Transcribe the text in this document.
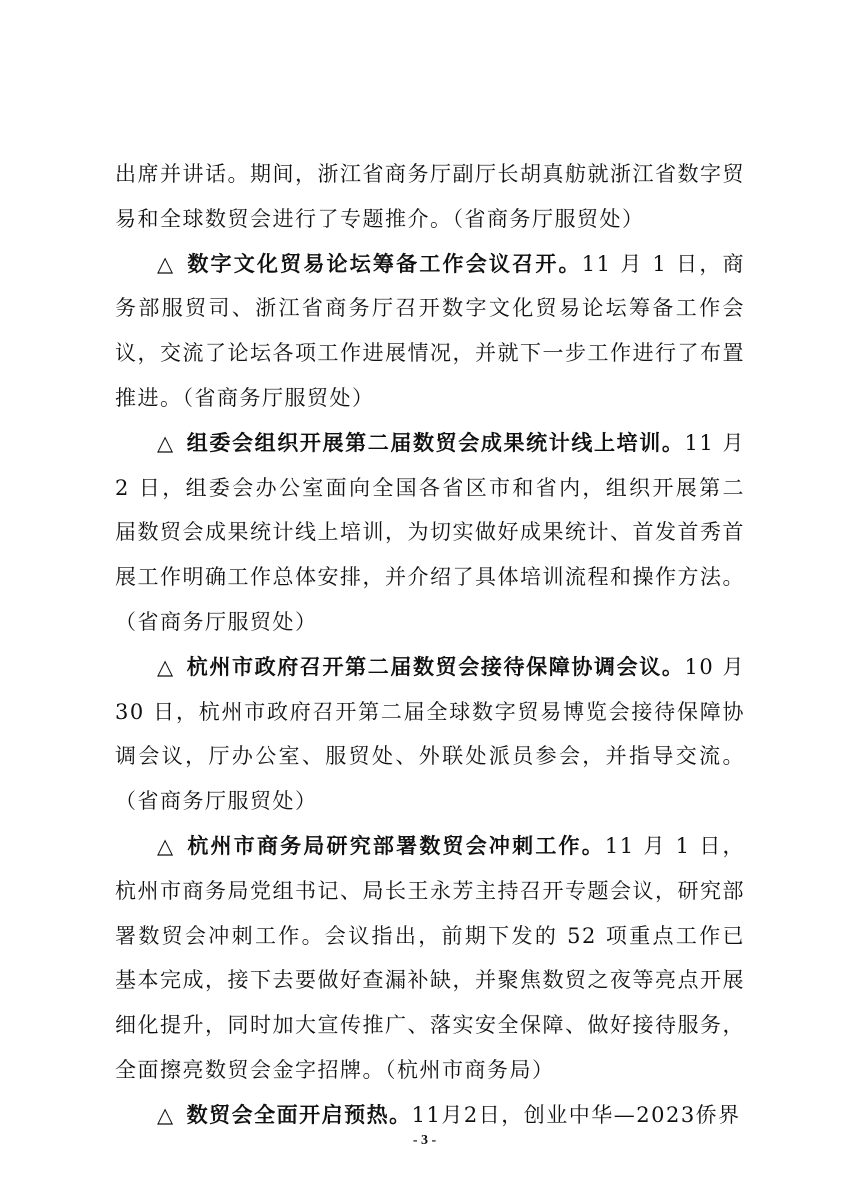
出席并讲话。期间，浙江省商务厅副厅长胡真舫就浙江省数字贸易和全球数贸会进行了专题推介。（省商务厅服贸处）

△ 数字文化贸易论坛筹备工作会议召开。11 月 1 日，商务部服贸司、浙江省商务厅召开数字文化贸易论坛筹备工作会议，交流了论坛各项工作进展情况，并就下一步工作进行了布置推进。（省商务厅服贸处）

△ 组委会组织开展第二届数贸会成果统计线上培训。11 月 2 日，组委会办公室面向全国各省区市和省内，组织开展第二届数贸会成果统计线上培训，为切实做好成果统计、首发首秀首展工作明确工作总体安排，并介绍了具体培训流程和操作方法。（省商务厅服贸处）

△ 杭州市政府召开第二届数贸会接待保障协调会议。10 月 30 日，杭州市政府召开第二届全球数字贸易博览会接待保障协调会议，厅办公室、服贸处、外联处派员参会，并指导交流。（省商务厅服贸处）

△ 杭州市商务局研究部署数贸会冲刺工作。11 月 1 日，杭州市商务局党组书记、局长王永芳主持召开专题会议，研究部署数贸会冲刺工作。会议指出，前期下发的 52 项重点工作已基本完成，接下去要做好查漏补缺，并聚焦数贸之夜等亮点开展细化提升，同时加大宣传推广、落实安全保障、做好接待服务，全面擦亮数贸会金字招牌。（杭州市商务局）

△ 数贸会全面开启预热。11月2日，创业中华—2023侨界

- 3 -
